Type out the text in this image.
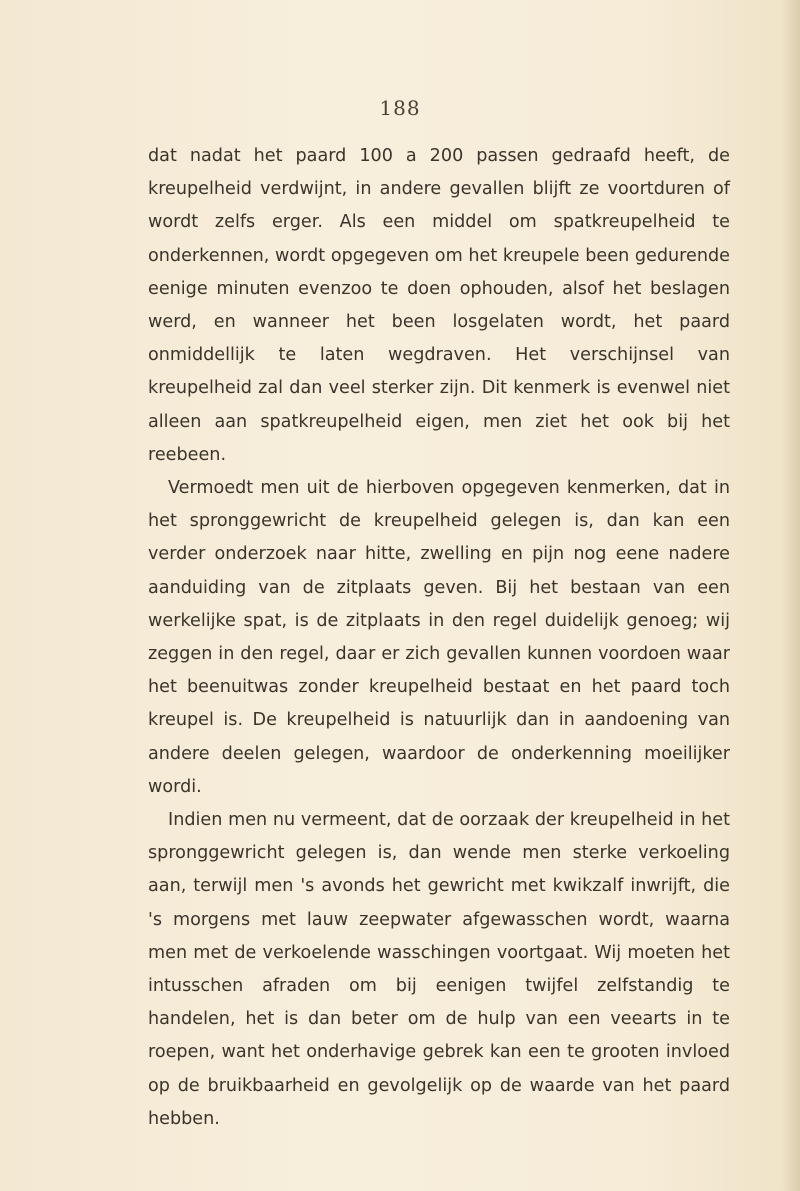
188

dat nadat het paard 100 a 200 passen gedraafd heeft, de kreupelheid verdwijnt, in andere gevallen blijft ze voortduren of wordt zelfs erger. Als een middel om spatkreupelheid te onderkennen, wordt opgegeven om het kreupele been gedurende eenige minuten evenzoo te doen ophouden, alsof het beslagen werd, en wanneer het been losgelaten wordt, het paard onmiddellijk te laten wegdraven. Het verschijnsel van kreupelheid zal dan veel sterker zijn. Dit kenmerk is evenwel niet alleen aan spatkreupelheid eigen, men ziet het ook bij het reebeen.

Vermoedt men uit de hierboven opgegeven kenmerken, dat in het spronggewricht de kreupelheid gelegen is, dan kan een verder onderzoek naar hitte, zwelling en pijn nog eene nadere aanduiding van de zitplaats geven. Bij het bestaan van een werkelijke spat, is de zitplaats in den regel duidelijk genoeg; wij zeggen in den regel, daar er zich gevallen kunnen voordoen waar het beenuitwas zonder kreupelheid bestaat en het paard toch kreupel is. De kreupelheid is natuurlijk dan in aandoening van andere deelen gelegen, waardoor de onderkenning moeilijker wordi.

Indien men nu vermeent, dat de oorzaak der kreupelheid in het spronggewricht gelegen is, dan wende men sterke verkoeling aan, terwijl men 's avonds het gewricht met kwikzalf inwrijft, die 's morgens met lauw zeepwater afgewasschen wordt, waarna men met de verkoelende wasschingen voortgaat. Wij moeten het intusschen afraden om bij eenigen twijfel zelfstandig te handelen, het is dan beter om de hulp van een veearts in te roepen, want het onderhavige gebrek kan een te grooten invloed op de bruikbaarheid en gevolgelijk op de waarde van het paard hebben.
